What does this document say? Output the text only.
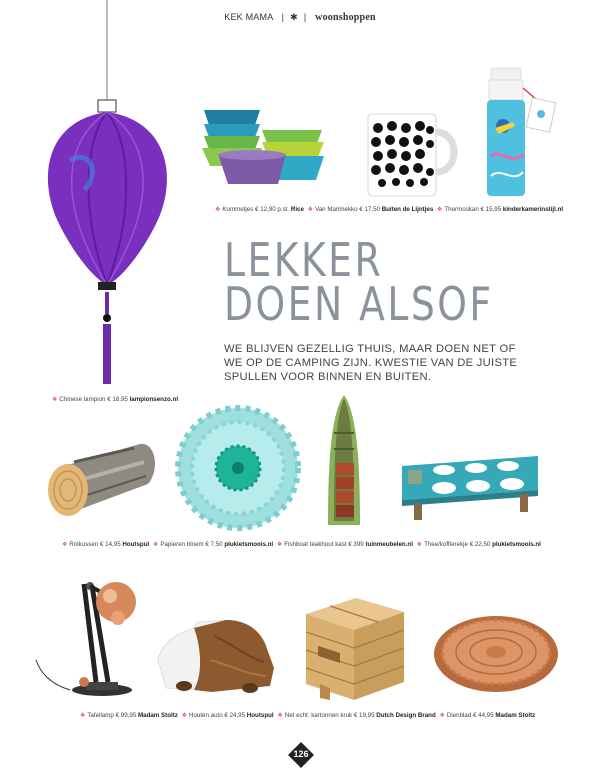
KEK MAMA | ✱ | woonshoppen
❖ Kommetjes € 12,90 p.st. Rice ❖ Van Marimekko € 17,50 Buiten de Lijntjes ❖ Thermoskan € 15,95 kinderkamerinstijl.nl
LEKKER
DOEN ALSOF
WE BLIJVEN GEZELLIG THUIS, MAAR DOEN NET OF WE OP DE CAMPING ZIJN. KWESTIE VAN DE JUISTE SPULLEN VOOR BINNEN EN BUITEN.
❖ Chinese lampion € 18,95 lampionsenzo.nl
❖ Rolkussen € 14,95 Houtspul ❖ Papieren bloem € 7,50 plukietsmoois.nl ❖ Fishboat teakhout kast € 399 tuinmeubelen.nl ❖ Thee/koffierekje € 22,50 plukietsmoois.nl
❖ Tafellamp € 99,95 Madam Stoltz ❖ Houten auto € 24,95 Houtspul ❖ Net echt: kartonnen kruk € 19,95 Dutch Design Brand ❖ Dienblad € 44,95 Madam Stoltz
126
